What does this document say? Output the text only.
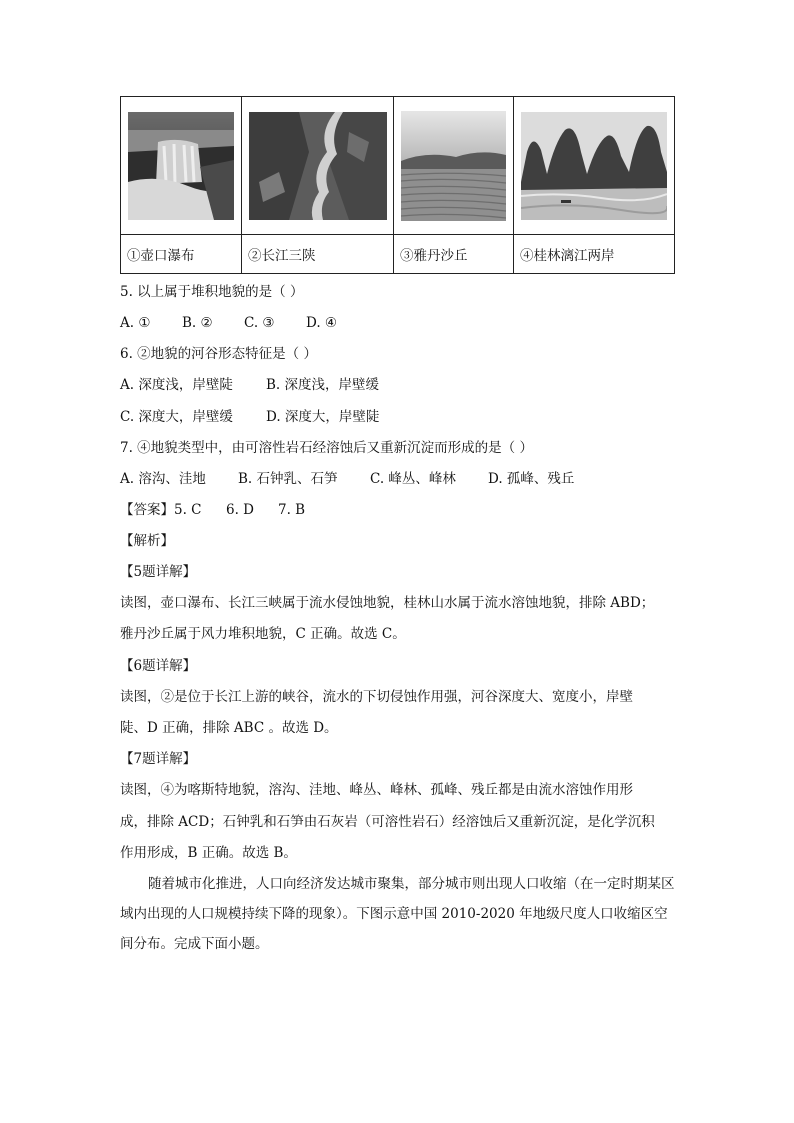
①壶口瀑布	②长江三陕	③雅丹沙丘	④桂林漓江两岸
5. 以上属于堆积地貌的是（ ）
A. ① B. ② C. ③ D. ④
6. ②地貌的河谷形态特征是（ ）
A. 深度浅，岸壁陡 B. 深度浅，岸壁缓
C. 深度大，岸壁缓 D. 深度大，岸壁陡
7. ④地貌类型中，由可溶性岩石经溶蚀后又重新沉淀而形成的是（ ）
A. 溶沟、洼地 B. 石钟乳、石笋 C. 峰丛、峰林 D. 孤峰、残丘
【答案】5. C 6. D 7. B
【解析】
【5题详解】
读图，壶口瀑布、长江三峡属于流水侵蚀地貌，桂林山水属于流水溶蚀地貌，排除 ABD；
雅丹沙丘属于风力堆积地貌，C 正确。故选 C。
【6题详解】
读图，②是位于长江上游的峡谷，流水的下切侵蚀作用强，河谷深度大、宽度小，岸壁
陡、D 正确，排除 ABC 。故选 D。
【7题详解】
读图，④为喀斯特地貌，溶沟、洼地、峰丛、峰林、孤峰、残丘都是由流水溶蚀作用形
成，排除 ACD；石钟乳和石笋由石灰岩（可溶性岩石）经溶蚀后又重新沉淀，是化学沉积
作用形成，B 正确。故选 B。
随着城市化推进，人口向经济发达城市聚集，部分城市则出现人口收缩（在一定时期某区域内出现的人口规模持续下降的现象）。下图示意中国 2010-2020 年地级尺度人口收缩区空间分布。完成下面小题。
